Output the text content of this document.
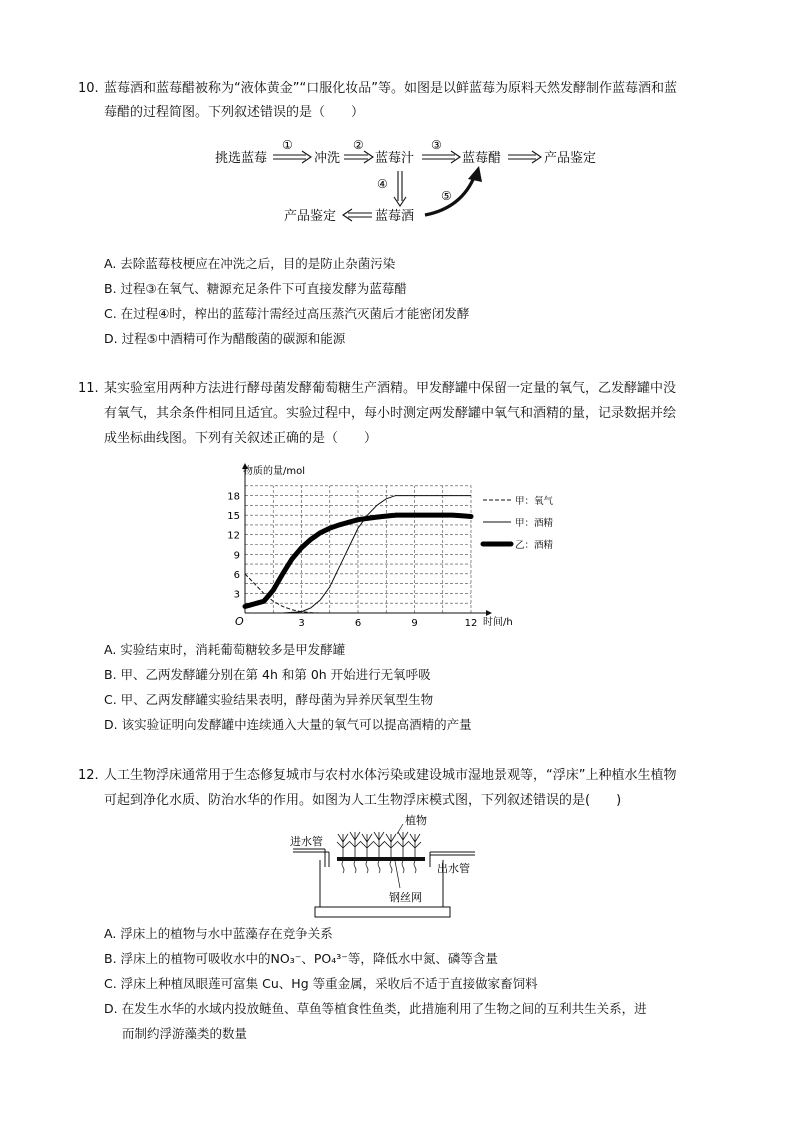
10. 蓝莓酒和蓝莓醋被称为“液体黄金”“口服化妆品”等。如图是以鲜蓝莓为原料天然发酵制作蓝莓酒和蓝
莓醋的过程简图。下列叙述错误的是（　　）
挑选蓝莓	冲洗	蓝莓汁	蓝莓醋	产品鉴定
蓝莓酒
产品鉴定
①	②	③
④
⑤
A. 去除蓝莓枝梗应在冲洗之后，目的是防止杂菌污染
B. 过程③在氧气、糖源充足条件下可直接发酵为蓝莓醋
C. 在过程④时，榨出的蓝莓汁需经过高压蒸汽灭菌后才能密闭发酵
D. 过程⑤中酒精可作为醋酸菌的碳源和能源
11. 某实验室用两种方法进行酵母菌发酵葡萄糖生产酒精。甲发酵罐中保留一定量的氧气，乙发酵罐中没
有氧气，其余条件相同且适宜。实验过程中，每小时测定两发酵罐中氧气和酒精的量，记录数据并绘
成坐标曲线图。下列有关叙述正确的是（　　）
3	6	9	12
3
6
9
12
15
18
O	时间/h
物质的量/mol
甲：氧气
甲：酒精
乙：酒精
A. 实验结束时，消耗葡萄糖较多是甲发酵罐
B. 甲、乙两发酵罐分别在第 4h 和第 0h 开始进行无氧呼吸
C. 甲、乙两发酵罐实验结果表明，酵母菌为异养厌氧型生物
D. 该实验证明向发酵罐中连续通入大量的氧气可以提高酒精的产量
12. 人工生物浮床通常用于生态修复城市与农村水体污染或建设城市湿地景观等，“浮床”上种植水生植物
可起到净化水质、防治水华的作用。如图为人工生物浮床模式图，下列叙述错误的是(　　)
植物
进水管
出水管
钢丝网
A. 浮床上的植物与水中蓝藻存在竞争关系
B. 浮床上的植物可吸收水中的NO₃⁻、PO₄³⁻等，降低水中氮、磷等含量
C. 浮床上种植凤眼莲可富集 Cu、Hg 等重金属，采收后不适于直接做家畜饲料
D. 在发生水华的水域内投放鲢鱼、草鱼等植食性鱼类，此措施利用了生物之间的互利共生关系，进
而制约浮游藻类的数量
